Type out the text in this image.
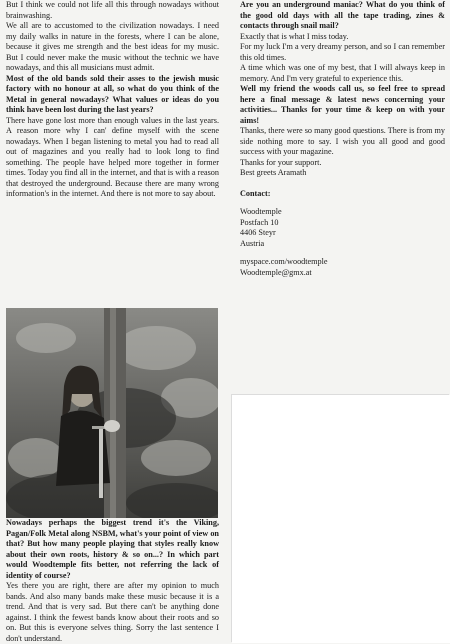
But I think we could not life all this through nowadays without brainwashing.

We all are to accustomed to the civilization nowadays. I need my daily walks in nature in the forests, where I can be alone, because it gives me strength and the best ideas for my music. But I could never make the music without the technic we have nowadays, and this all musicians must admit.

Most of the old bands sold their asses to the jewish music factory with no honour at all, so what do you think of the Metal in general nowadays? What values or ideas do you think have been lost during the last years?

There have gone lost more than enough values in the last years. A reason more why I can' define myself with the scene nowadays. When I began listening to metal you had to read all out of magazines and you really had to look long to find something. The people have helped more together in former times. Today you find all in the internet, and that is with a reason that destroyed the underground. Because there are many wrong information's in the internet. And there is not more to say about.

Nowadays perhaps the biggest trend it's the Viking, Pagan/Folk Metal along NSBM, what's your point of view on that? But how many people playing that styles really know about their own roots, history & so on...? In which part would Woodtemple fits better, not referring the lack of identity of course?

Yes there you are right, there are after my opinion to much bands. And also many bands make these music because it is a trend. And that is very sad. But there can't be anything done against. I think the fewest bands know about their roots and so on. But this is everyone selves thing. Sorry the last sentence I don't understand.

Are you an underground maniac? What do you think of the good old days with all the tape trading, zines & contacts through snail mail?

Exactly that is what I miss today.

For my luck I'm a very dreamy person, and so I can remember this old times.

A time which was one of my best, that I will always keep in memory. And I'm very grateful to experience this.

Well my friend the woods call us, so feel free to spread here a final message & latest news concerning your activities... Thanks for your time & keep on with your aims!

Thanks, there were so many good questions. There is from my side nothing more to say. I wish you all good and good success with your magazine.

Thanks for your support.

Best greets Aramath

Contact:

Woodtemple

Postfach 10

4406 Steyr

Austria

myspace.com/woodtemple

Woodtemple@gmx.at
